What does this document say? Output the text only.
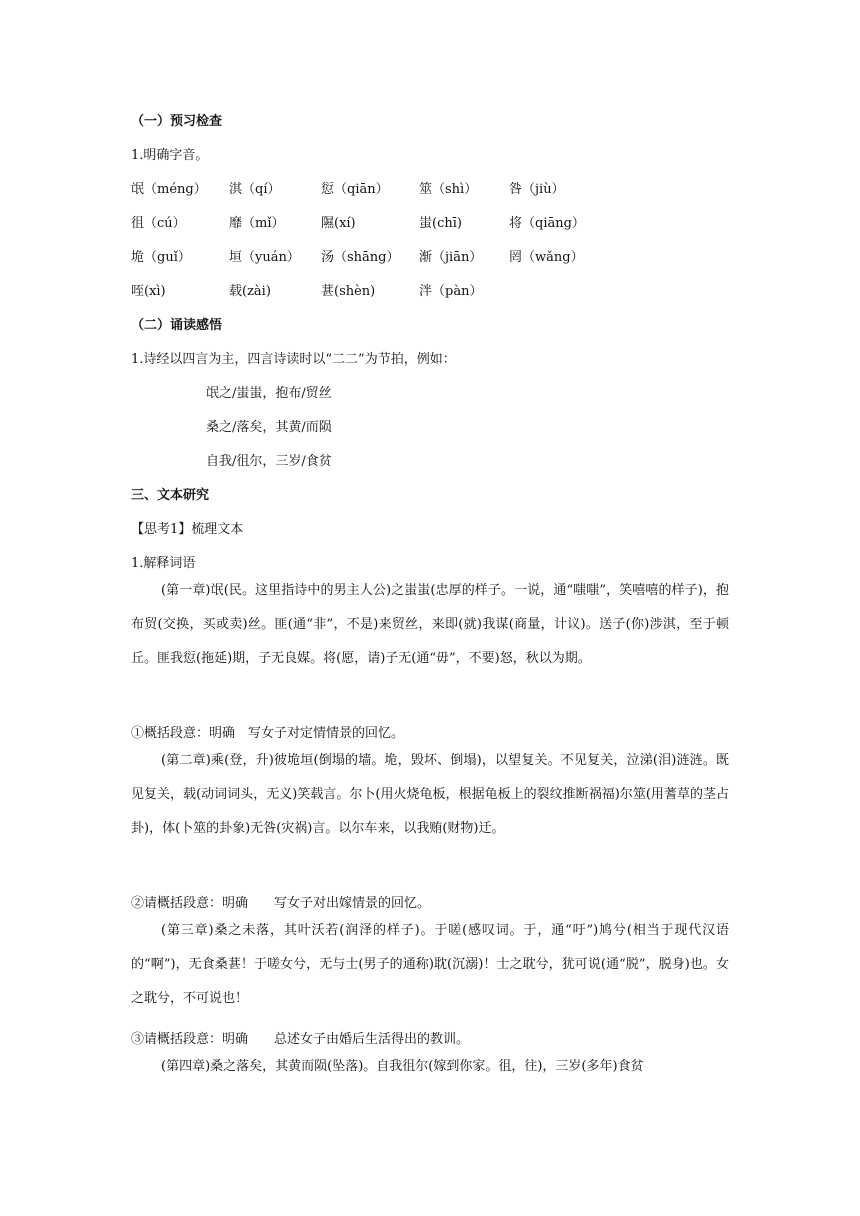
（一）预习检查
1.明确字音。
氓（méng） 淇（qí）	愆（qiān） 筮（shì） 咎（jiù）
徂（cú）	靡（mǐ）	隰(xí)	蚩(chī)	将（qiāng）
垝（guǐ）	垣（yuán） 汤（shāng） 渐（jiān） 罔（wǎng）
咥(xì)	载(zài)	葚(shèn)	泮（pàn）
（二）诵读感悟
1.诗经以四言为主，四言诗读时以“二二”为节拍，例如：
氓之/蚩蚩，抱布/贸丝
桑之/落矣，其黄/而陨
自我/徂尔，三岁/食贫
三、文本研究
【思考1】梳理文本
1.解释词语
(第一章)氓(民。这里指诗中的男主人公)之蚩蚩(忠厚的样子。一说，通“嗤嗤”，笑嘻嘻的样子)，抱布贸(交换，买或卖)丝。匪(通“非”，不是)来贸丝，来即(就)我谋(商量，计议)。送子(你)涉淇，至于顿丘。匪我愆(拖延)期，子无良媒。将(愿，请)子无(通“毋”，不要)怒，秋以为期。
①概括段意：明确　写女子对定情情景的回忆。
(第二章)乘(登，升)彼垝垣(倒塌的墙。垝，毁坏、倒塌)，以望复关。不见复关，泣涕(泪)涟涟。既见复关，载(动词词头，无义)笑载言。尔卜(用火烧龟板，根据龟板上的裂纹推断祸福)尔筮(用蓍草的茎占卦)，体(卜筮的卦象)无咎(灾祸)言。以尔车来，以我贿(财物)迁。
②请概括段意：明确　　写女子对出嫁情景的回忆。
(第三章)桑之未落，其叶沃若(润泽的样子)。于嗟(感叹词。于，通“吁”)鸠兮(相当于现代汉语的“啊”)，无食桑葚！于嗟女兮，无与士(男子的通称)耽(沉溺)！士之耽兮，犹可说(通“脱”，脱身)也。女之耽兮，不可说也！
③请概括段意：明确　　总述女子由婚后生活得出的教训。
(第四章)桑之落矣，其黄而陨(坠落)。自我徂尔(嫁到你家。徂，往)，三岁(多年)食贫
